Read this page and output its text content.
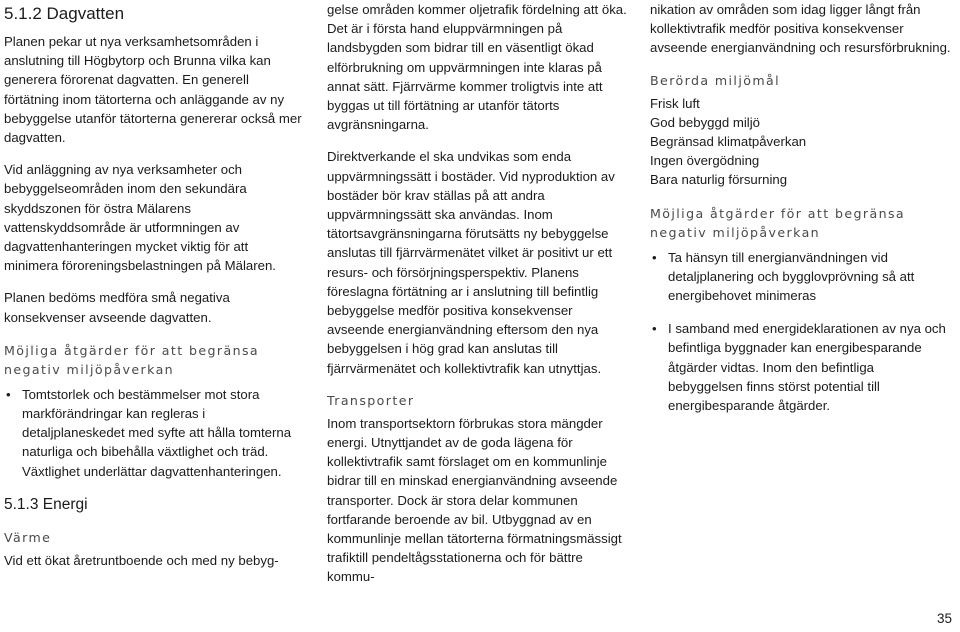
5.1.2 Dagvatten

Planen pekar ut nya verksamhetsområden i anslutning till Högbytorp och Brunna vilka kan generera förorenat dagvatten. En generell förtätning inom tätorterna och anläggande av ny bebyggelse utanför tätorterna genererar också mer dagvatten.

Vid anläggning av nya verksamheter och bebyggelseområden inom den sekundära skyddszonen för östra Mälarens vattenskyddsområde är utformningen av dagvattenhanteringen mycket viktig för att minimera föroreningsbelastningen på Mälaren.

Planen bedöms medföra små negativa konsekvenser avseende dagvatten.

Möjliga åtgärder för att begränsa negativ miljöpåverkan
• Tomtstorlek och bestämmelser mot stora markförändringar kan regleras i detaljplaneskedet med syfte att hålla tomterna naturliga och bibehålla växtlighet och träd. Växtlighet underlättar dagvattenhanteringen.
5.1.3 Energi
Värme

Vid ett ökat åretruntboende och med ny bebyg-

gelse områden kommer oljetrafik fördelning att öka. Det är i första hand eluppvärmningen på landsbygden som bidrar till en väsentligt ökad elförbrukning om uppvärmningen inte klaras på annat sätt. Fjärrvärme kommer troligtvis inte att byggas ut till förtätning ar utanför tätorts avgränsningarna.

Direktverkande el ska undvikas som enda uppvärmningssätt i bostäder. Vid nyproduktion av bostäder bör krav ställas på att andra uppvärmningssätt ska användas. Inom tätortsavgränsningarna förutsätts ny bebyggelse anslutas till fjärrvärmenätet vilket är positivt ur ett resurs- och försörjningsperspektiv. Planens föreslagna förtätning ar i anslutning till befintlig bebyggelse medför positiva konsekvenser avseende energianvändning eftersom den nya bebyggelsen i hög grad kan anslutas till fjärrvärmenätet och kollektivtrafik kan utnyttjas.

Transporter

Inom transportsektorn förbrukas stora mängder energi. Utnyttjandet av de goda lägena för kollektivtrafik samt förslaget om en kommunlinje bidrar till en minskad energianvändning avseende transporter. Dock är stora delar kommunen fortfarande beroende av bil. Utbyggnad av en kommunlinje mellan tätorterna förmatningsmässigt trafiktill pendeltågsstationerna och för bättre kommu-

nikation av områden som idag ligger långt från kollektivtrafik medför positiva konsekvenser avseende energianvändning och resursförbrukning.

Berörda miljömål
Frisk luft
God bebyggd miljö
Begränsad klimatpåverkan
Ingen övergödning
Bara naturlig försurning
Möjliga åtgärder för att begränsa negativ miljöpåverkan
• Ta hänsyn till energianvändningen vid detaljplanering och bygglovprövning så att energibehovet minimeras
• I samband med energideklarationen av nya och befintliga byggnader kan energibesparande åtgärder vidtas. Inom den befintliga bebyggelsen finns störst potential till energibesparande åtgärder.
35
